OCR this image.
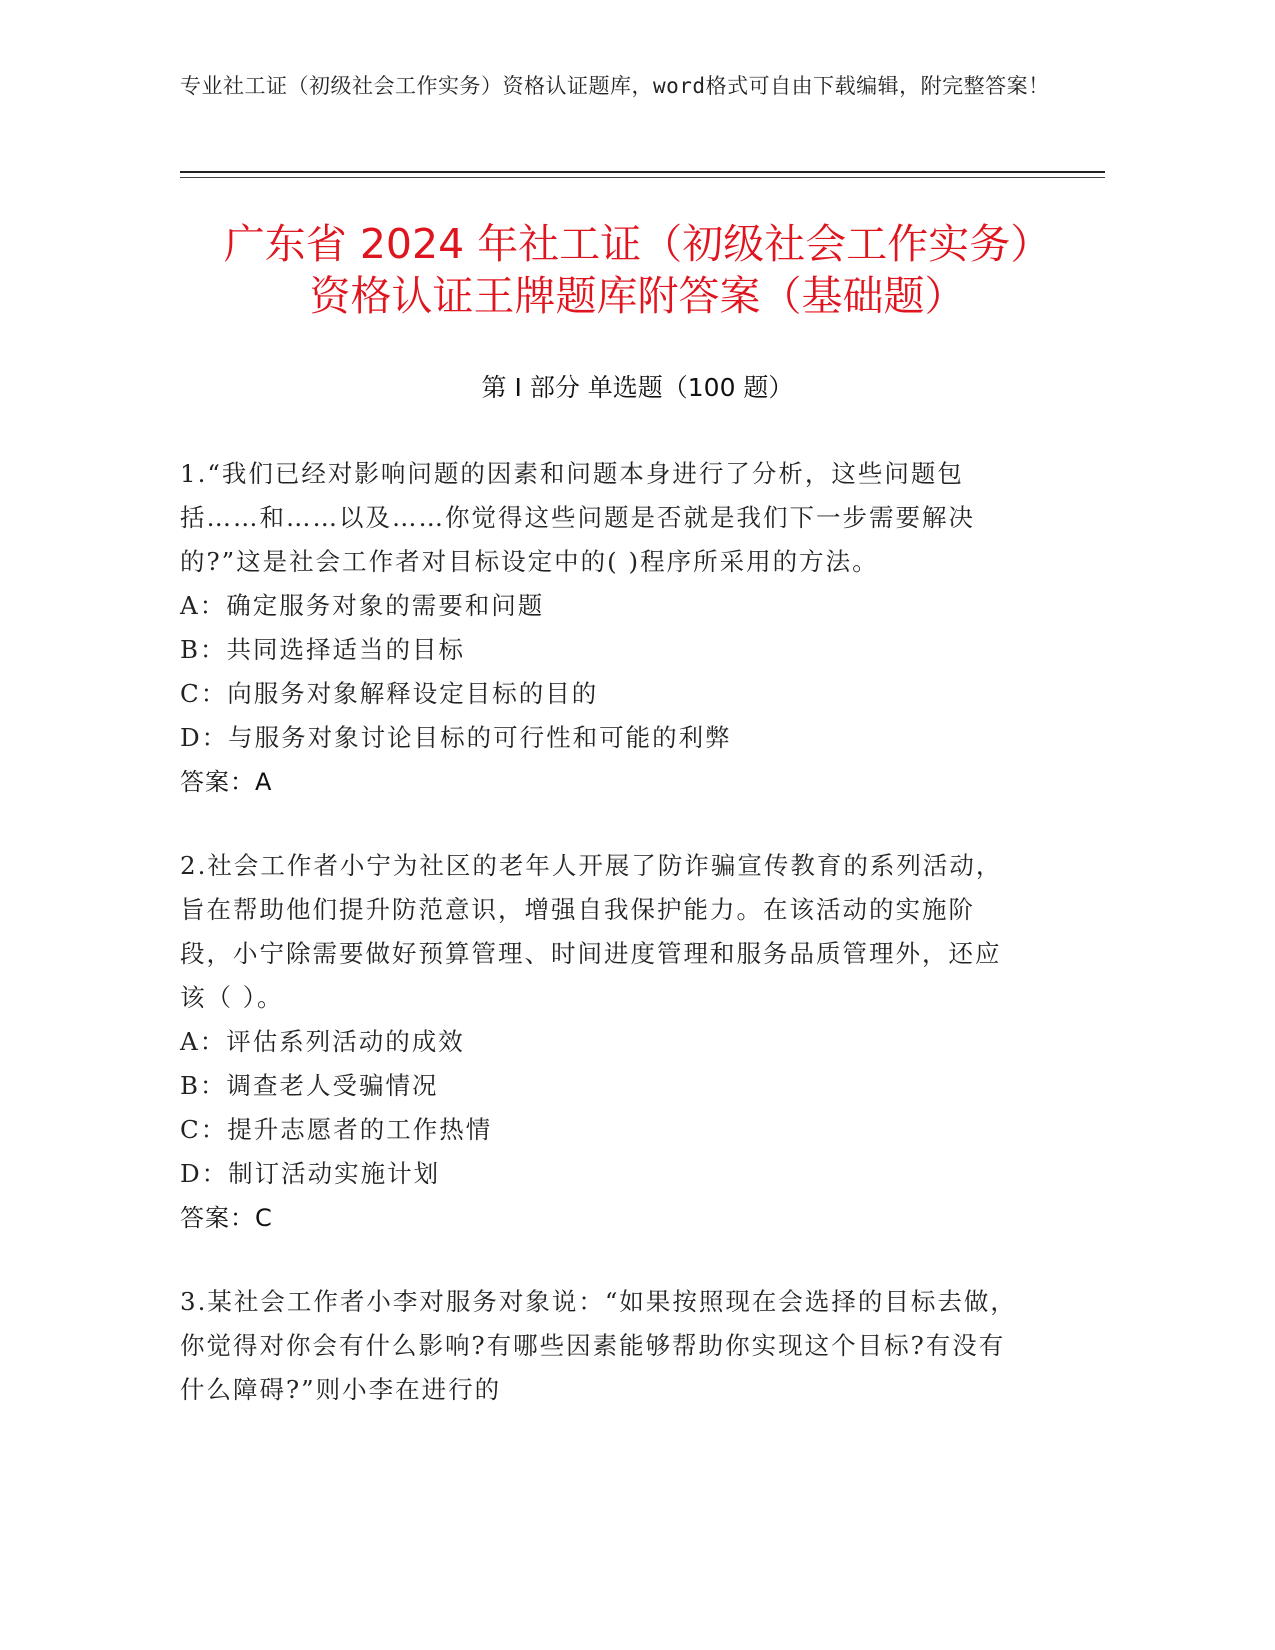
专业社工证（初级社会工作实务）资格认证题库，word格式可自由下载编辑，附完整答案！
广东省 2024 年社工证（初级社会工作实务）
资格认证王牌题库附答案（基础题）
第 I 部分 单选题（100 题）

1.“我们已经对影响问题的因素和问题本身进行了分析，这些问题包括……和……以及……你觉得这些问题是否就是我们下一步需要解决的?”这是社会工作者对目标设定中的( )程序所采用的方法。

A：确定服务对象的需要和问题

B：共同选择适当的目标

C：向服务对象解释设定目标的目的

D：与服务对象讨论目标的可行性和可能的利弊

答案：A

2.社会工作者小宁为社区的老年人开展了防诈骗宣传教育的系列活动，旨在帮助他们提升防范意识，增强自我保护能力。在该活动的实施阶段，小宁除需要做好预算管理、时间进度管理和服务品质管理外，还应该（ ）。

A：评估系列活动的成效

B：调查老人受骗情况

C：提升志愿者的工作热情

D：制订活动实施计划

答案：C

3.某社会工作者小李对服务对象说：“如果按照现在会选择的目标去做，你觉得对你会有什么影响?有哪些因素能够帮助你实现这个目标?有没有什么障碍?”则小李在进行的
